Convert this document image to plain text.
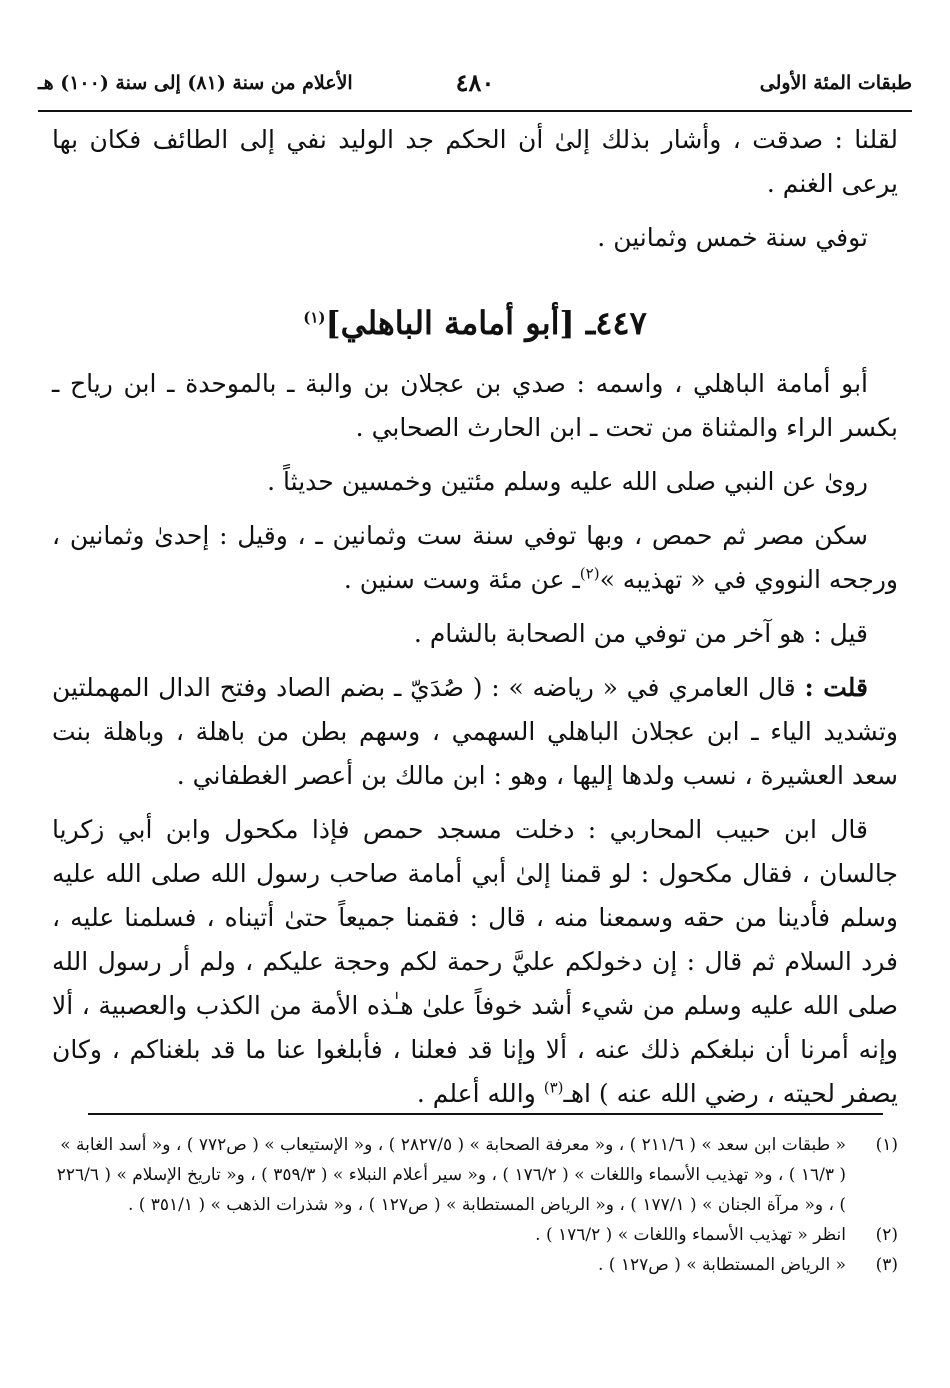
طبقات المئة الأولى
٤٨٠
الأعلام من سنة (٨١) إلى سنة (١٠٠) هـ

لقلنا : صدقت ، وأشار بذلك إلىٰ أن الحكم جد الوليد نفي إلى الطائف فكان بها يرعى الغنم .

توفي سنة خمس وثمانين .

٤٤٧ـ [أبو أمامة الباهلي]$^{(١)}$

أبو أمامة الباهلي ، واسمه : صدي بن عجلان بن والبة ـ بالموحدة ـ ابن رياح ـ بكسر الراء والمثناة من تحت ـ ابن الحارث الصحابي .

روىٰ عن النبي صلى الله عليه وسلم مئتين وخمسين حديثاً .

سكن مصر ثم حمص ، وبها توفي سنة ست وثمانين ـ ، وقيل : إحدىٰ وثمانين ، ورجحه النووي في « تهذيبه »$^{(٢)}$ـ عن مئة وست سنين .

قيل : هو آخر من توفي من الصحابة بالشام .

قلت : قال العامري في « رياضه » : ( صُدَيّ ـ بضم الصاد وفتح الدال المهملتين وتشديد الياء ـ ابن عجلان الباهلي السهمي ، وسهم بطن من باهلة ، وباهلة بنت سعد العشيرة ، نسب ولدها إليها ، وهو : ابن مالك بن أعصر الغطفاني .

قال ابن حبيب المحاربي : دخلت مسجد حمص فإذا مكحول وابن أبي زكريا جالسان ، فقال مكحول : لو قمنا إلىٰ أبي أمامة صاحب رسول الله صلى الله عليه وسلم فأدينا من حقه وسمعنا منه ، قال : فقمنا جميعاً حتىٰ أتيناه ، فسلمنا عليه ، فرد السلام ثم قال : إن دخولكم عليَّ رحمة لكم وحجة عليكم ، ولم أر رسول الله صلى الله عليه وسلم من شيء أشد خوفاً علىٰ هـٰذه الأمة من الكذب والعصبية ، ألا وإنه أمرنا أن نبلغكم ذلك عنه ، ألا وإنا قد فعلنا ، فأبلغوا عنا ما قد بلغناكم ، وكان يصفر لحيته ، رضي الله عنه ) اهـ$^{(٣)}$ والله أعلم .

(١)
« طبقات ابن سعد » ( ٢١١/٦ ) ، و« معرفة الصحابة » ( ٢٨٢٧/٥ ) ، و« الإستيعاب » ( ص٧٧٢ ) ، و« أسد الغابة » ( ١٦/٣ ) ، و« تهذيب الأسماء واللغات » ( ١٧٦/٢ ) ، و« سير أعلام النبلاء » ( ٣٥٩/٣ ) ، و« تاريخ الإسلام » ( ٢٢٦/٦ ) ، و« مرآة الجنان » ( ١٧٧/١ ) ، و« الرياض المستطابة » ( ص١٢٧ ) ، و« شذرات الذهب » ( ٣٥١/١ ) .
(٢)
انظر « تهذيب الأسماء واللغات » ( ١٧٦/٢ ) .
(٣)
« الرياض المستطابة » ( ص١٢٧ ) .
